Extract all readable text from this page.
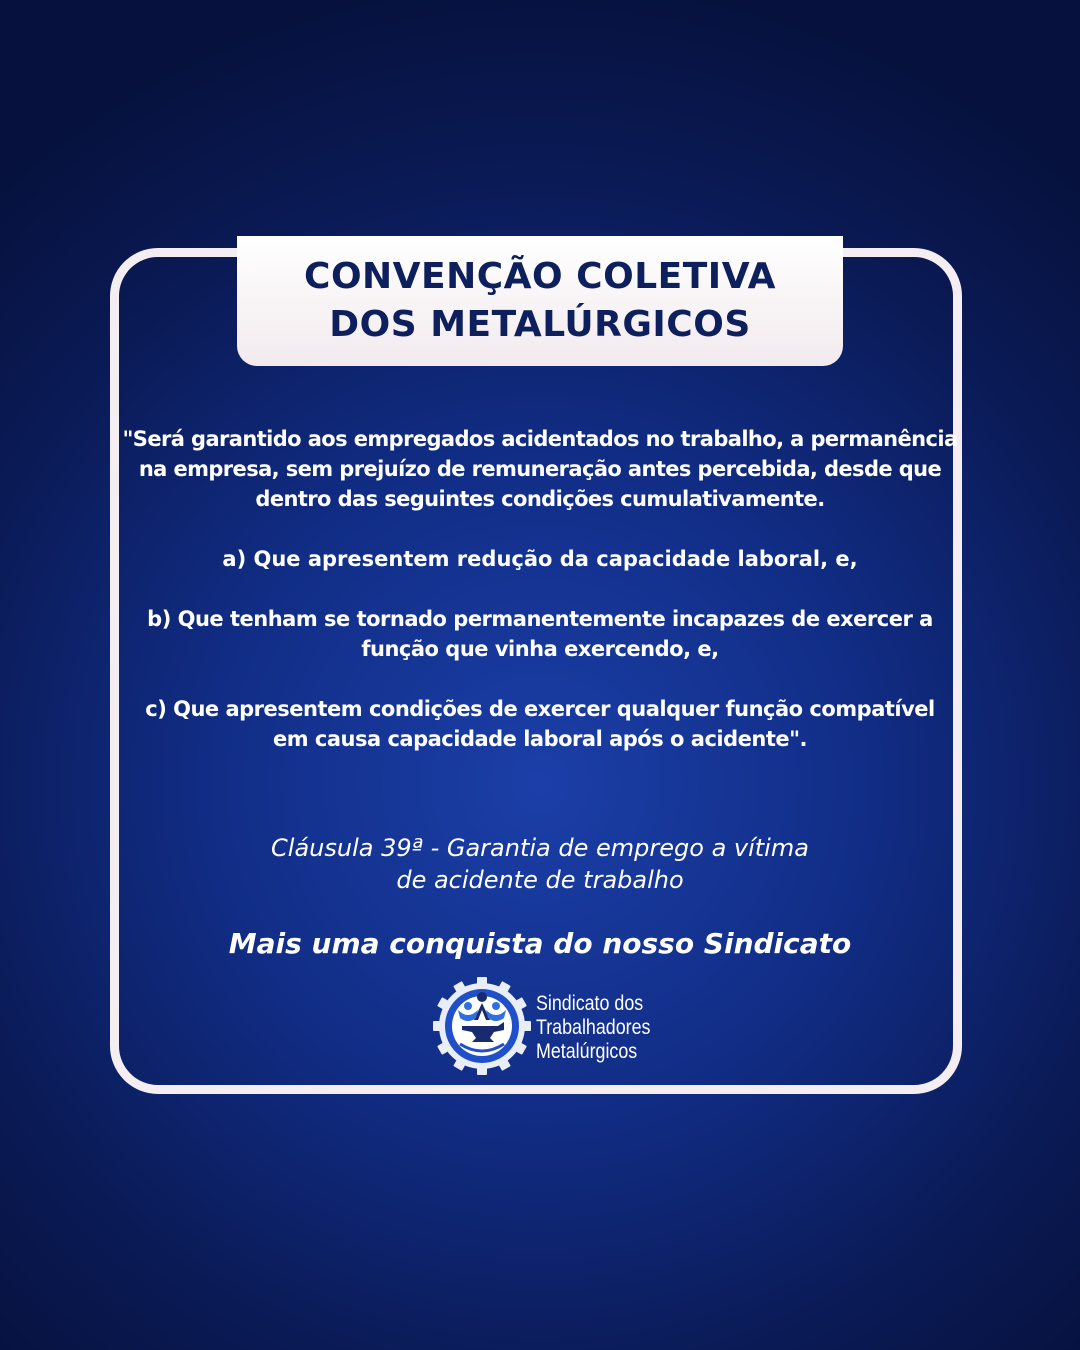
CONVENÇÃO COLETIVA
DOS METALÚRGICOS

"Será garantido aos empregados acidentados no trabalho, a permanência na empresa, sem prejuízo de remuneração antes percebida, desde que dentro das seguintes condições cumulativamente.

a) Que apresentem redução da capacidade laboral, e,

b) Que tenham se tornado permanentemente incapazes de exercer a função que vinha exercendo, e,

c) Que apresentem condições de exercer qualquer função compatível em causa capacidade laboral após o acidente".

Cláusula 39ª - Garantia de emprego a vítima
de acidente de trabalho
Mais uma conquista do nosso Sindicato
Sindicato dos
Trabalhadores
Metalúrgicos
